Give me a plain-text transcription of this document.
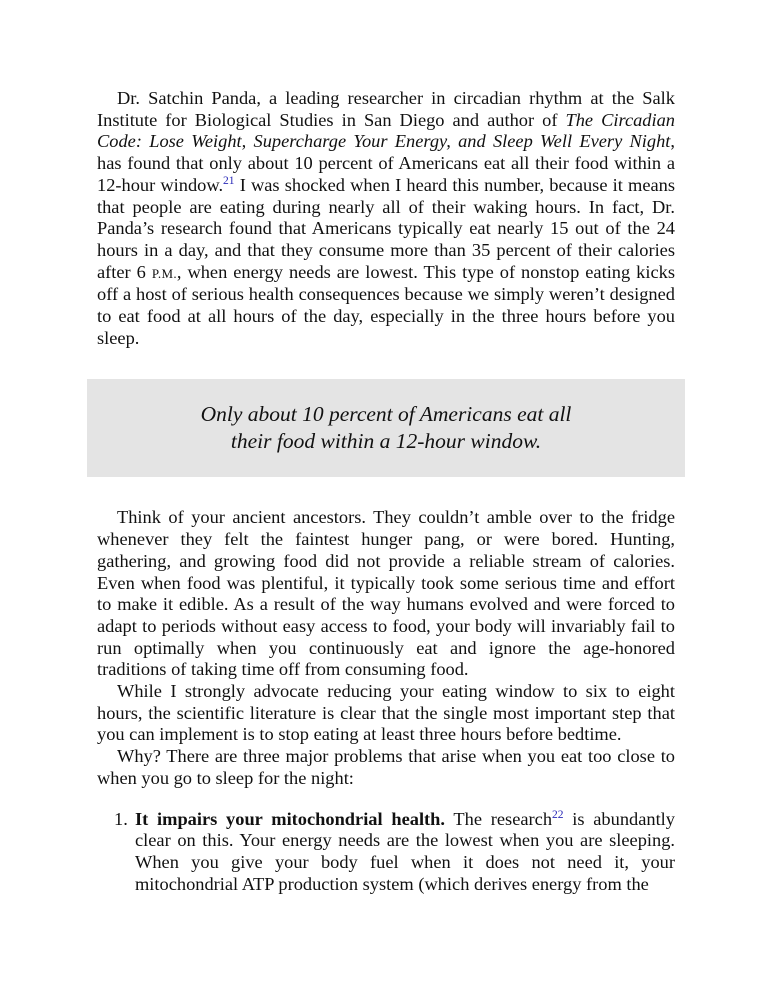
Dr. Satchin Panda, a leading researcher in circadian rhythm at the Salk Institute for Biological Studies in San Diego and author of The Circadian Code: Lose Weight, Supercharge Your Energy, and Sleep Well Every Night, has found that only about 10 percent of Americans eat all their food within a 12-hour window.$^{21}$ I was shocked when I heard this number, because it means that people are eating during nearly all of their waking hours. In fact, Dr. Panda’s research found that Americans typically eat nearly 15 out of the 24 hours in a day, and that they consume more than 35 percent of their calories after 6 P.M., when energy needs are lowest. This type of nonstop eating kicks off a host of serious health consequences because we simply weren’t designed to eat food at all hours of the day, especially in the three hours before you sleep.

Only about 10 percent of Americans eat all
their food within a 12-hour window.

Think of your ancient ancestors. They couldn’t amble over to the fridge whenever they felt the faintest hunger pang, or were bored. Hunting, gathering, and growing food did not provide a reliable stream of calories. Even when food was plentiful, it typically took some serious time and effort to make it edible. As a result of the way humans evolved and were forced to adapt to periods without easy access to food, your body will invariably fail to run optimally when you continuously eat and ignore the age-honored traditions of taking time off from consuming food.

While I strongly advocate reducing your eating window to six to eight hours, the scientific literature is clear that the single most important step that you can implement is to stop eating at least three hours before bedtime.

Why? There are three major problems that arise when you eat too close to when you go to sleep for the night:

1. It impairs your mitochondrial health. The research$^{22}$ is abundantly clear on this. Your energy needs are the lowest when you are sleeping. When you give your body fuel when it does not need it, your mitochondrial ATP production system (which derives energy from the
